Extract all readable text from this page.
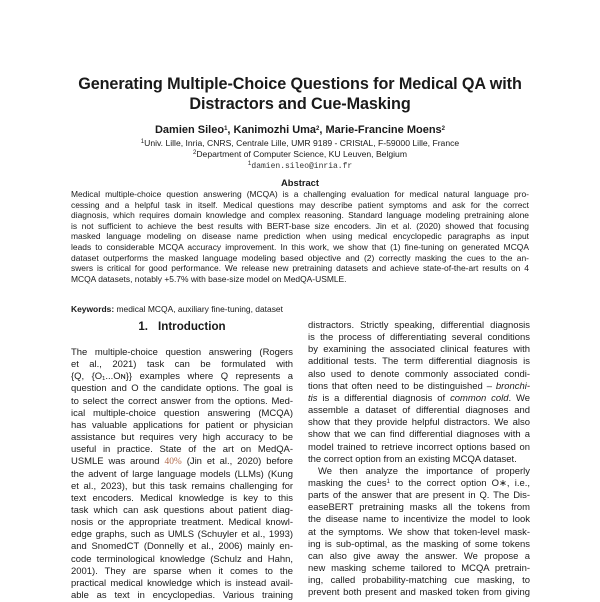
Generating Multiple-Choice Questions for Medical QA with
Distractors and Cue-Masking
Damien Sileo$^1$, Kanimozhi Uma$^2$, Marie-Francine Moens$^2$
$^1$Univ. Lille, Inria, CNRS, Centrale Lille, UMR 9189 - CRIStAL, F-59000 Lille, France
$^2$Department of Computer Science, KU Leuven, Belgium
$^1$damien.sileo@inria.fr
Abstract
Medical multiple-choice question answering (MCQA) is a challenging evaluation for medical natural language pro-
cessing and a helpful task in itself. Medical questions may describe patient symptoms and ask for the correct
diagnosis, which requires domain knowledge and complex reasoning. Standard language modeling pretraining alone
is not sufficient to achieve the best results with BERT-base size encoders. Jin et al. (2020) showed that focusing
masked language modeling on disease name prediction when using medical encyclopedic paragraphs as input
leads to considerable MCQA accuracy improvement. In this work, we show that (1) fine-tuning on generated MCQA
dataset outperforms the masked language modeling based objective and (2) correctly masking the cues to the an-
swers is critical for good performance. We release new pretraining datasets and achieve state-of-the-art results on 4
MCQA datasets, notably +5.7% with base-size model on MedQA-USMLE.
Keywords: medical MCQA, auxiliary fine-tuning, dataset
1. Introduction
The multiple-choice question answering (Rogers
et al., 2021) task can be formulated with
{Q, {O₁...Oɴ}} examples where Q represents a
question and O the candidate options. The goal is
to select the correct answer from the options. Med-
ical multiple-choice question answering (MCQA)
has valuable applications for patient or physician
assistance but requires very high accuracy to be
useful in practice. State of the art on MedQA-
USMLE was around 40% (Jin et al., 2020) before
the advent of large language models (LLMs) (Kung
et al., 2023), but this task remains challenging for
text encoders. Medical knowledge is key to this
task which can ask questions about patient diag-
nosis or the appropriate treatment. Medical knowl-
edge graphs, such as UMLS (Schuyler et al., 1993)
and SnomedCT (Donnelly et al., 2006) mainly en-
code terminological knowledge (Schulz and Hahn,
2001). They are sparse when it comes to the
practical medical knowledge which is instead avail-
able as text in encyclopedias. Various training
distractors. Strictly speaking, differential diagnosis
is the process of differentiating several conditions
by examining the associated clinical features with
additional tests. The term differential diagnosis is
also used to denote commonly associated condi-
tions that often need to be distinguished – bronchi-
tis is a differential diagnosis of common cold. We
assemble a dataset of differential diagnoses and
show that they provide helpful distractors. We also
show that we can find differential diagnoses with a
model trained to retrieve incorrect options based on
the correct option from an existing MCQA dataset.
We then analyze the importance of properly
masking the cues$^1$ to the correct option O∗, i.e.,
parts of the answer that are present in Q. The Dis-
easeBERT pretraining masks all the tokens from
the disease name to incentivize the model to look
at the symptoms. We show that token-level mask-
ing is sub-optimal, as the masking of some tokens
can also give away the answer. We propose a
new masking scheme tailored to MCQA pretrain-
ing, called probability-matching cue masking, to
prevent both present and masked token from giving
